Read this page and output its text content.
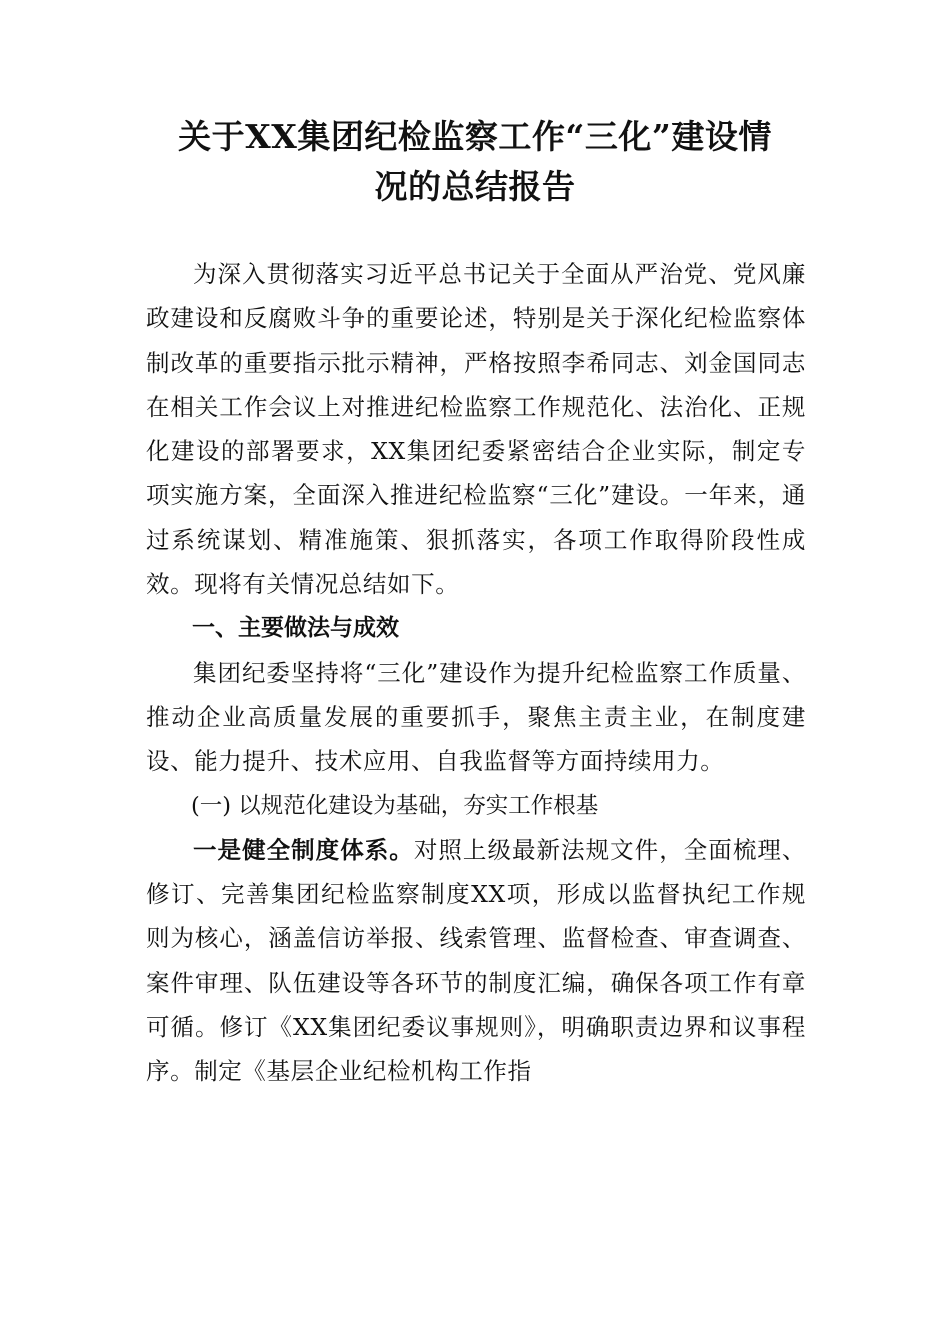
关于XX集团纪检监察工作“三化”建设情
况的总结报告

为深入贯彻落实习近平总书记关于全面从严治党、党风廉政建设和反腐败斗争的重要论述，特别是关于深化纪检监察体制改革的重要指示批示精神，严格按照李希同志、刘金国同志在相关工作会议上对推进纪检监察工作规范化、法治化、正规化建设的部署要求，XX集团纪委紧密结合企业实际，制定专项实施方案，全面深入推进纪检监察“三化”建设。一年来，通过系统谋划、精准施策、狠抓落实，各项工作取得阶段性成效。现将有关情况总结如下。

一、主要做法与成效

集团纪委坚持将“三化”建设作为提升纪检监察工作质量、推动企业高质量发展的重要抓手，聚焦主责主业，在制度建设、能力提升、技术应用、自我监督等方面持续用力。

(一) 以规范化建设为基础，夯实工作根基

一是健全制度体系。对照上级最新法规文件，全面梳理、修订、完善集团纪检监察制度XX项，形成以监督执纪工作规则为核心，涵盖信访举报、线索管理、监督检查、审查调查、案件审理、队伍建设等各环节的制度汇编，确保各项工作有章可循。修订《XX集团纪委议事规则》，明确职责边界和议事程序。制定《基层企业纪检机构工作指
